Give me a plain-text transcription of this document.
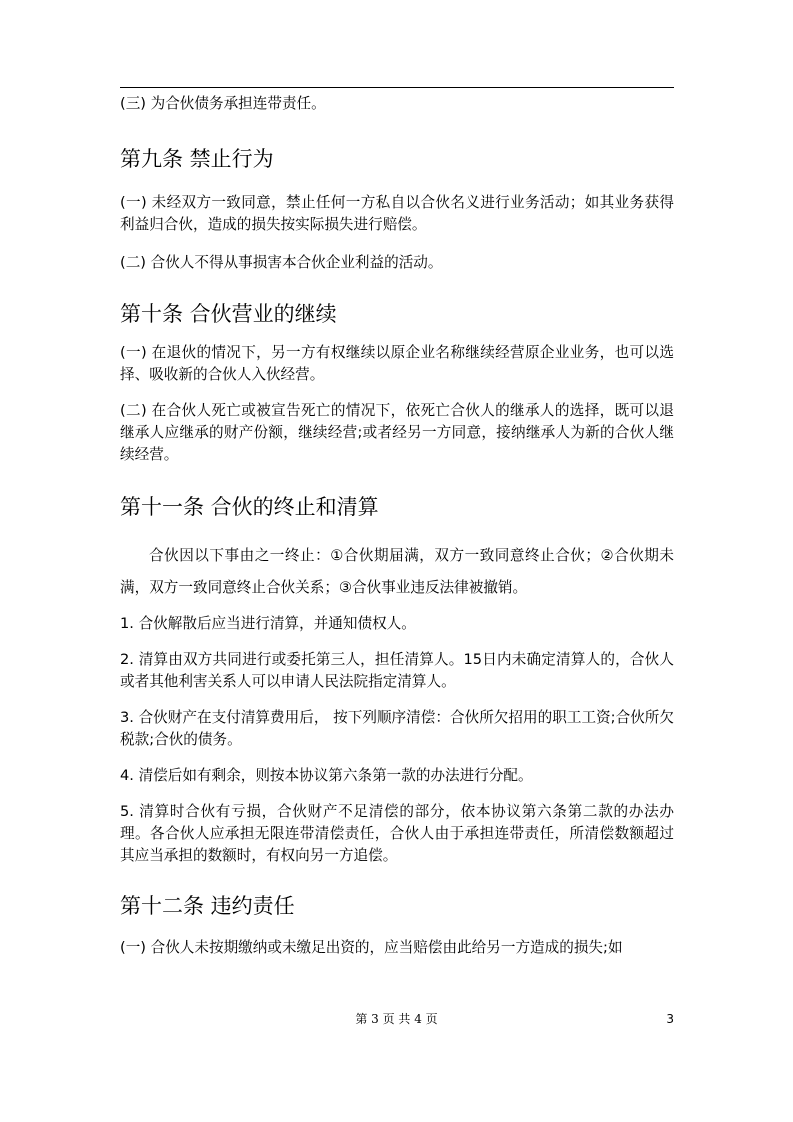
(三) 为合伙债务承担连带责任。

第九条 禁止行为

(一) 未经双方一致同意，禁止任何一方私自以合伙名义进行业务活动；如其业务获得利益归合伙，造成的损失按实际损失进行赔偿。

(二) 合伙人不得从事损害本合伙企业利益的活动。

第十条 合伙营业的继续

(一) 在退伙的情况下，另一方有权继续以原企业名称继续经营原企业业务，也可以选择、吸收新的合伙人入伙经营。

(二) 在合伙人死亡或被宣告死亡的情况下，依死亡合伙人的继承人的选择，既可以退继承人应继承的财产份额，继续经营;或者经另一方同意，接纳继承人为新的合伙人继续经营。

第十一条 合伙的终止和清算

合伙因以下事由之一终止：①合伙期届满，双方一致同意终止合伙；②合伙期未满，双方一致同意终止合伙关系；③合伙事业违反法律被撤销。

1. 合伙解散后应当进行清算，并通知债权人。

2. 清算由双方共同进行或委托第三人，担任清算人。15日内未确定清算人的，合伙人或者其他利害关系人可以申请人民法院指定清算人。

3. 合伙财产在支付清算费用后， 按下列顺序清偿：合伙所欠招用的职工工资;合伙所欠税款;合伙的债务。

4. 清偿后如有剩余，则按本协议第六条第一款的办法进行分配。

5. 清算时合伙有亏损，合伙财产不足清偿的部分，依本协议第六条第二款的办法办理。各合伙人应承担无限连带清偿责任，合伙人由于承担连带责任，所清偿数额超过其应当承担的数额时，有权向另一方追偿。

第十二条 违约责任

(一) 合伙人未按期缴纳或未缴足出资的，应当赔偿由此给另一方造成的损失;如

第 3 页 共 4 页	3
